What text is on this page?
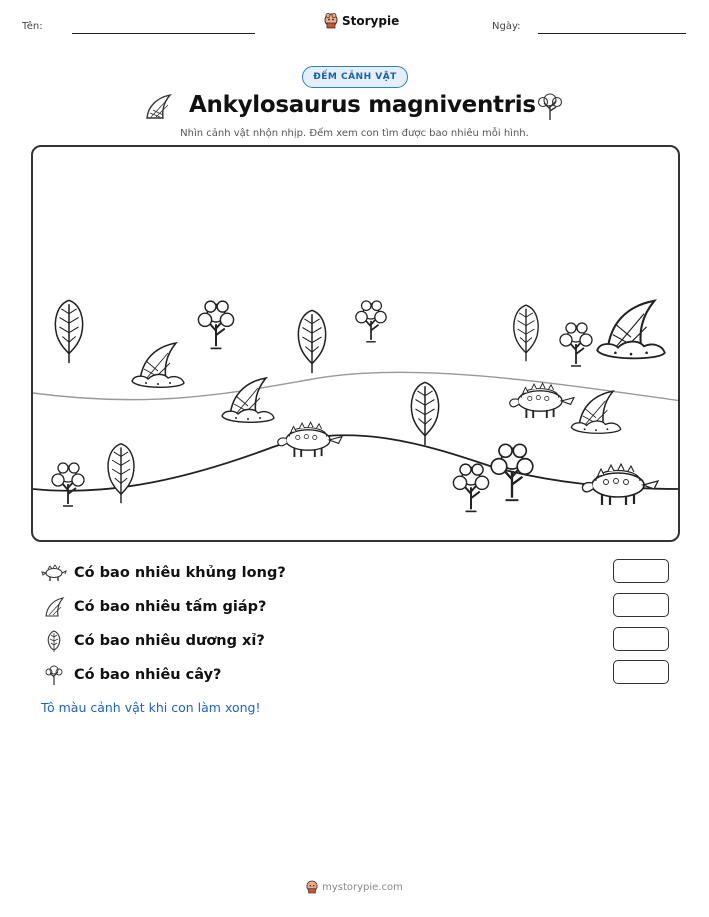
Tên:	Storypie	Ngày:
ĐẾM CẢNH VẬT
Ankylosaurus magniventris
Nhìn cảnh vật nhộn nhịp. Đếm xem con tìm được bao nhiêu mỗi hình.
Có bao nhiêu khủng long?
Có bao nhiêu tấm giáp?
Có bao nhiêu dương xỉ?
Có bao nhiêu cây?
Tô màu cảnh vật khi con làm xong!
mystorypie.com
